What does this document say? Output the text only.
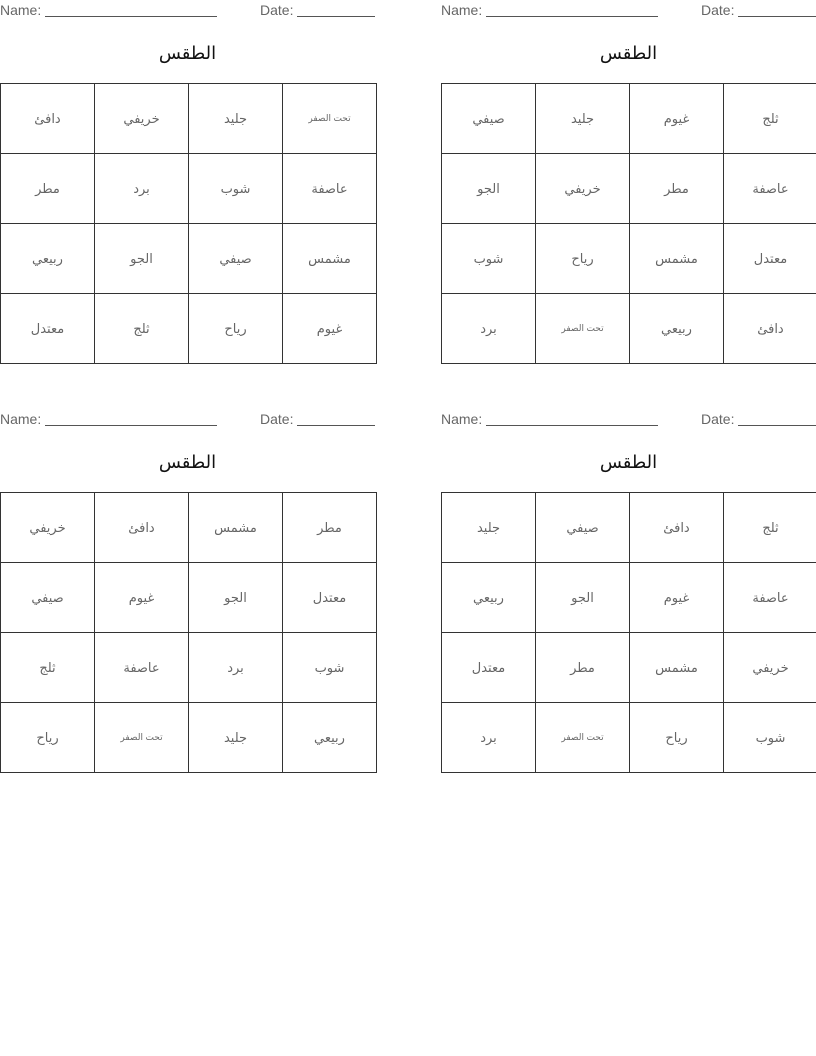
Name:	Date:
الطقس
دافئ	خريفي	جليد	تحت الصفر
مطر	برد	شوب	عاصفة
ربيعي	الجو	صيفي	مشمس
معتدل	ثلج	رياح	غيوم
Name:	Date:
الطقس
صيفي	جليد	غيوم	ثلج
الجو	خريفي	مطر	عاصفة
شوب	رياح	مشمس	معتدل
برد	تحت الصفر	ربيعي	دافئ
Name:	Date:
الطقس
خريفي	دافئ	مشمس	مطر
صيفي	غيوم	الجو	معتدل
ثلج	عاصفة	برد	شوب
رياح	تحت الصفر	جليد	ربيعي
Name:	Date:
الطقس
جليد	صيفي	دافئ	ثلج
ربيعي	الجو	غيوم	عاصفة
معتدل	مطر	مشمس	خريفي
برد	تحت الصفر	رياح	شوب
